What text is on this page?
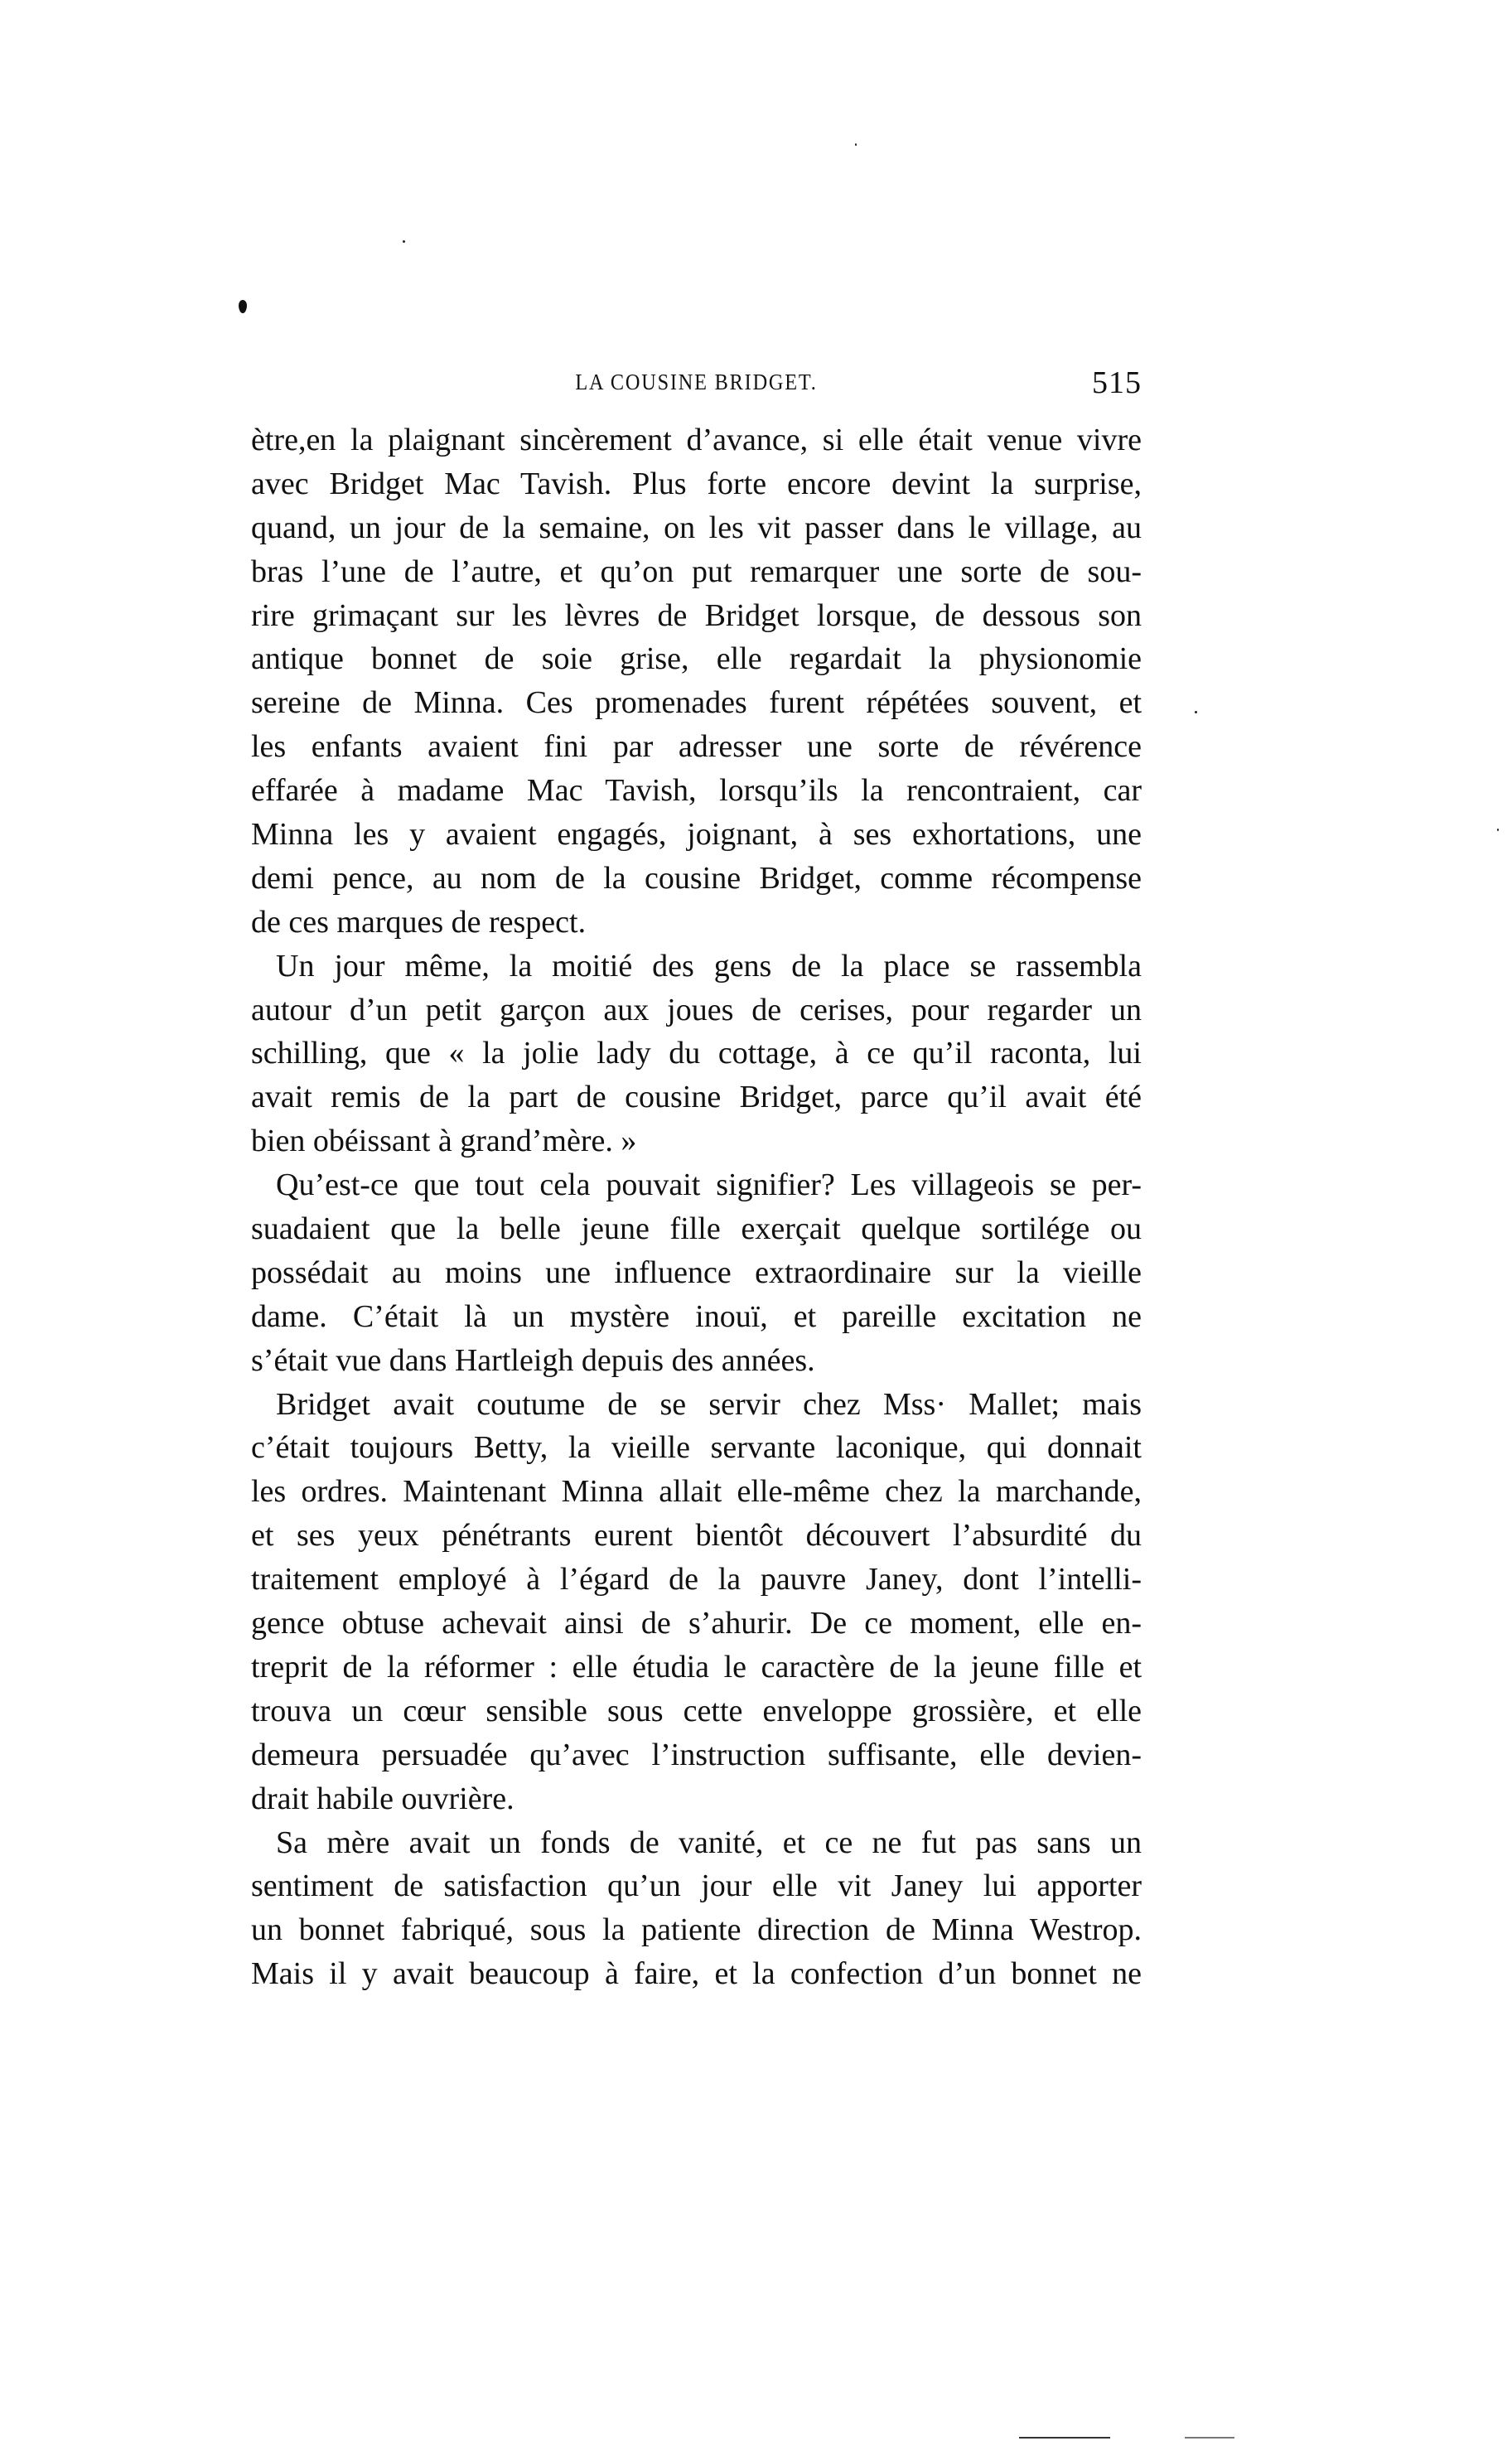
LA COUSINE BRIDGET.	515
ètre,en la plaignant sincèrement d’avance, si elle était venue vivre
avec Bridget Mac Tavish. Plus forte encore devint la surprise,
quand, un jour de la semaine, on les vit passer dans le village, au
bras l’une de l’autre, et qu’on put remarquer une sorte de sou-
rire grimaçant sur les lèvres de Bridget lorsque, de dessous son
antique bonnet de soie grise, elle regardait la physionomie
sereine de Minna. Ces promenades furent répétées souvent, et
les enfants avaient fini par adresser une sorte de révérence
effarée à madame Mac Tavish, lorsqu’ils la rencontraient, car
Minna les y avaient engagés, joignant, à ses exhortations, une
demi pence, au nom de la cousine Bridget, comme récompense
de ces marques de respect.
Un jour même, la moitié des gens de la place se rassembla
autour d’un petit garçon aux joues de cerises, pour regarder un
schilling, que « la jolie lady du cottage, à ce qu’il raconta, lui
avait remis de la part de cousine Bridget, parce qu’il avait été
bien obéissant à grand’mère. »
Qu’est-ce que tout cela pouvait signifier? Les villageois se per-
suadaient que la belle jeune fille exerçait quelque sortilége ou
possédait au moins une influence extraordinaire sur la vieille
dame. C’était là un mystère inouï, et pareille excitation ne
s’était vue dans Hartleigh depuis des années.
Bridget avait coutume de se servir chez Mss· Mallet; mais
c’était toujours Betty, la vieille servante laconique, qui donnait
les ordres. Maintenant Minna allait elle-même chez la marchande,
et ses yeux pénétrants eurent bientôt découvert l’absurdité du
traitement employé à l’égard de la pauvre Janey, dont l’intelli-
gence obtuse achevait ainsi de s’ahurir. De ce moment, elle en-
treprit de la réformer : elle étudia le caractère de la jeune fille et
trouva un cœur sensible sous cette enveloppe grossière, et elle
demeura persuadée qu’avec l’instruction suffisante, elle devien-
drait habile ouvrière.
Sa mère avait un fonds de vanité, et ce ne fut pas sans un
sentiment de satisfaction qu’un jour elle vit Janey lui apporter
un bonnet fabriqué, sous la patiente direction de Minna Westrop.
Mais il y avait beaucoup à faire, et la confection d’un bonnet ne
